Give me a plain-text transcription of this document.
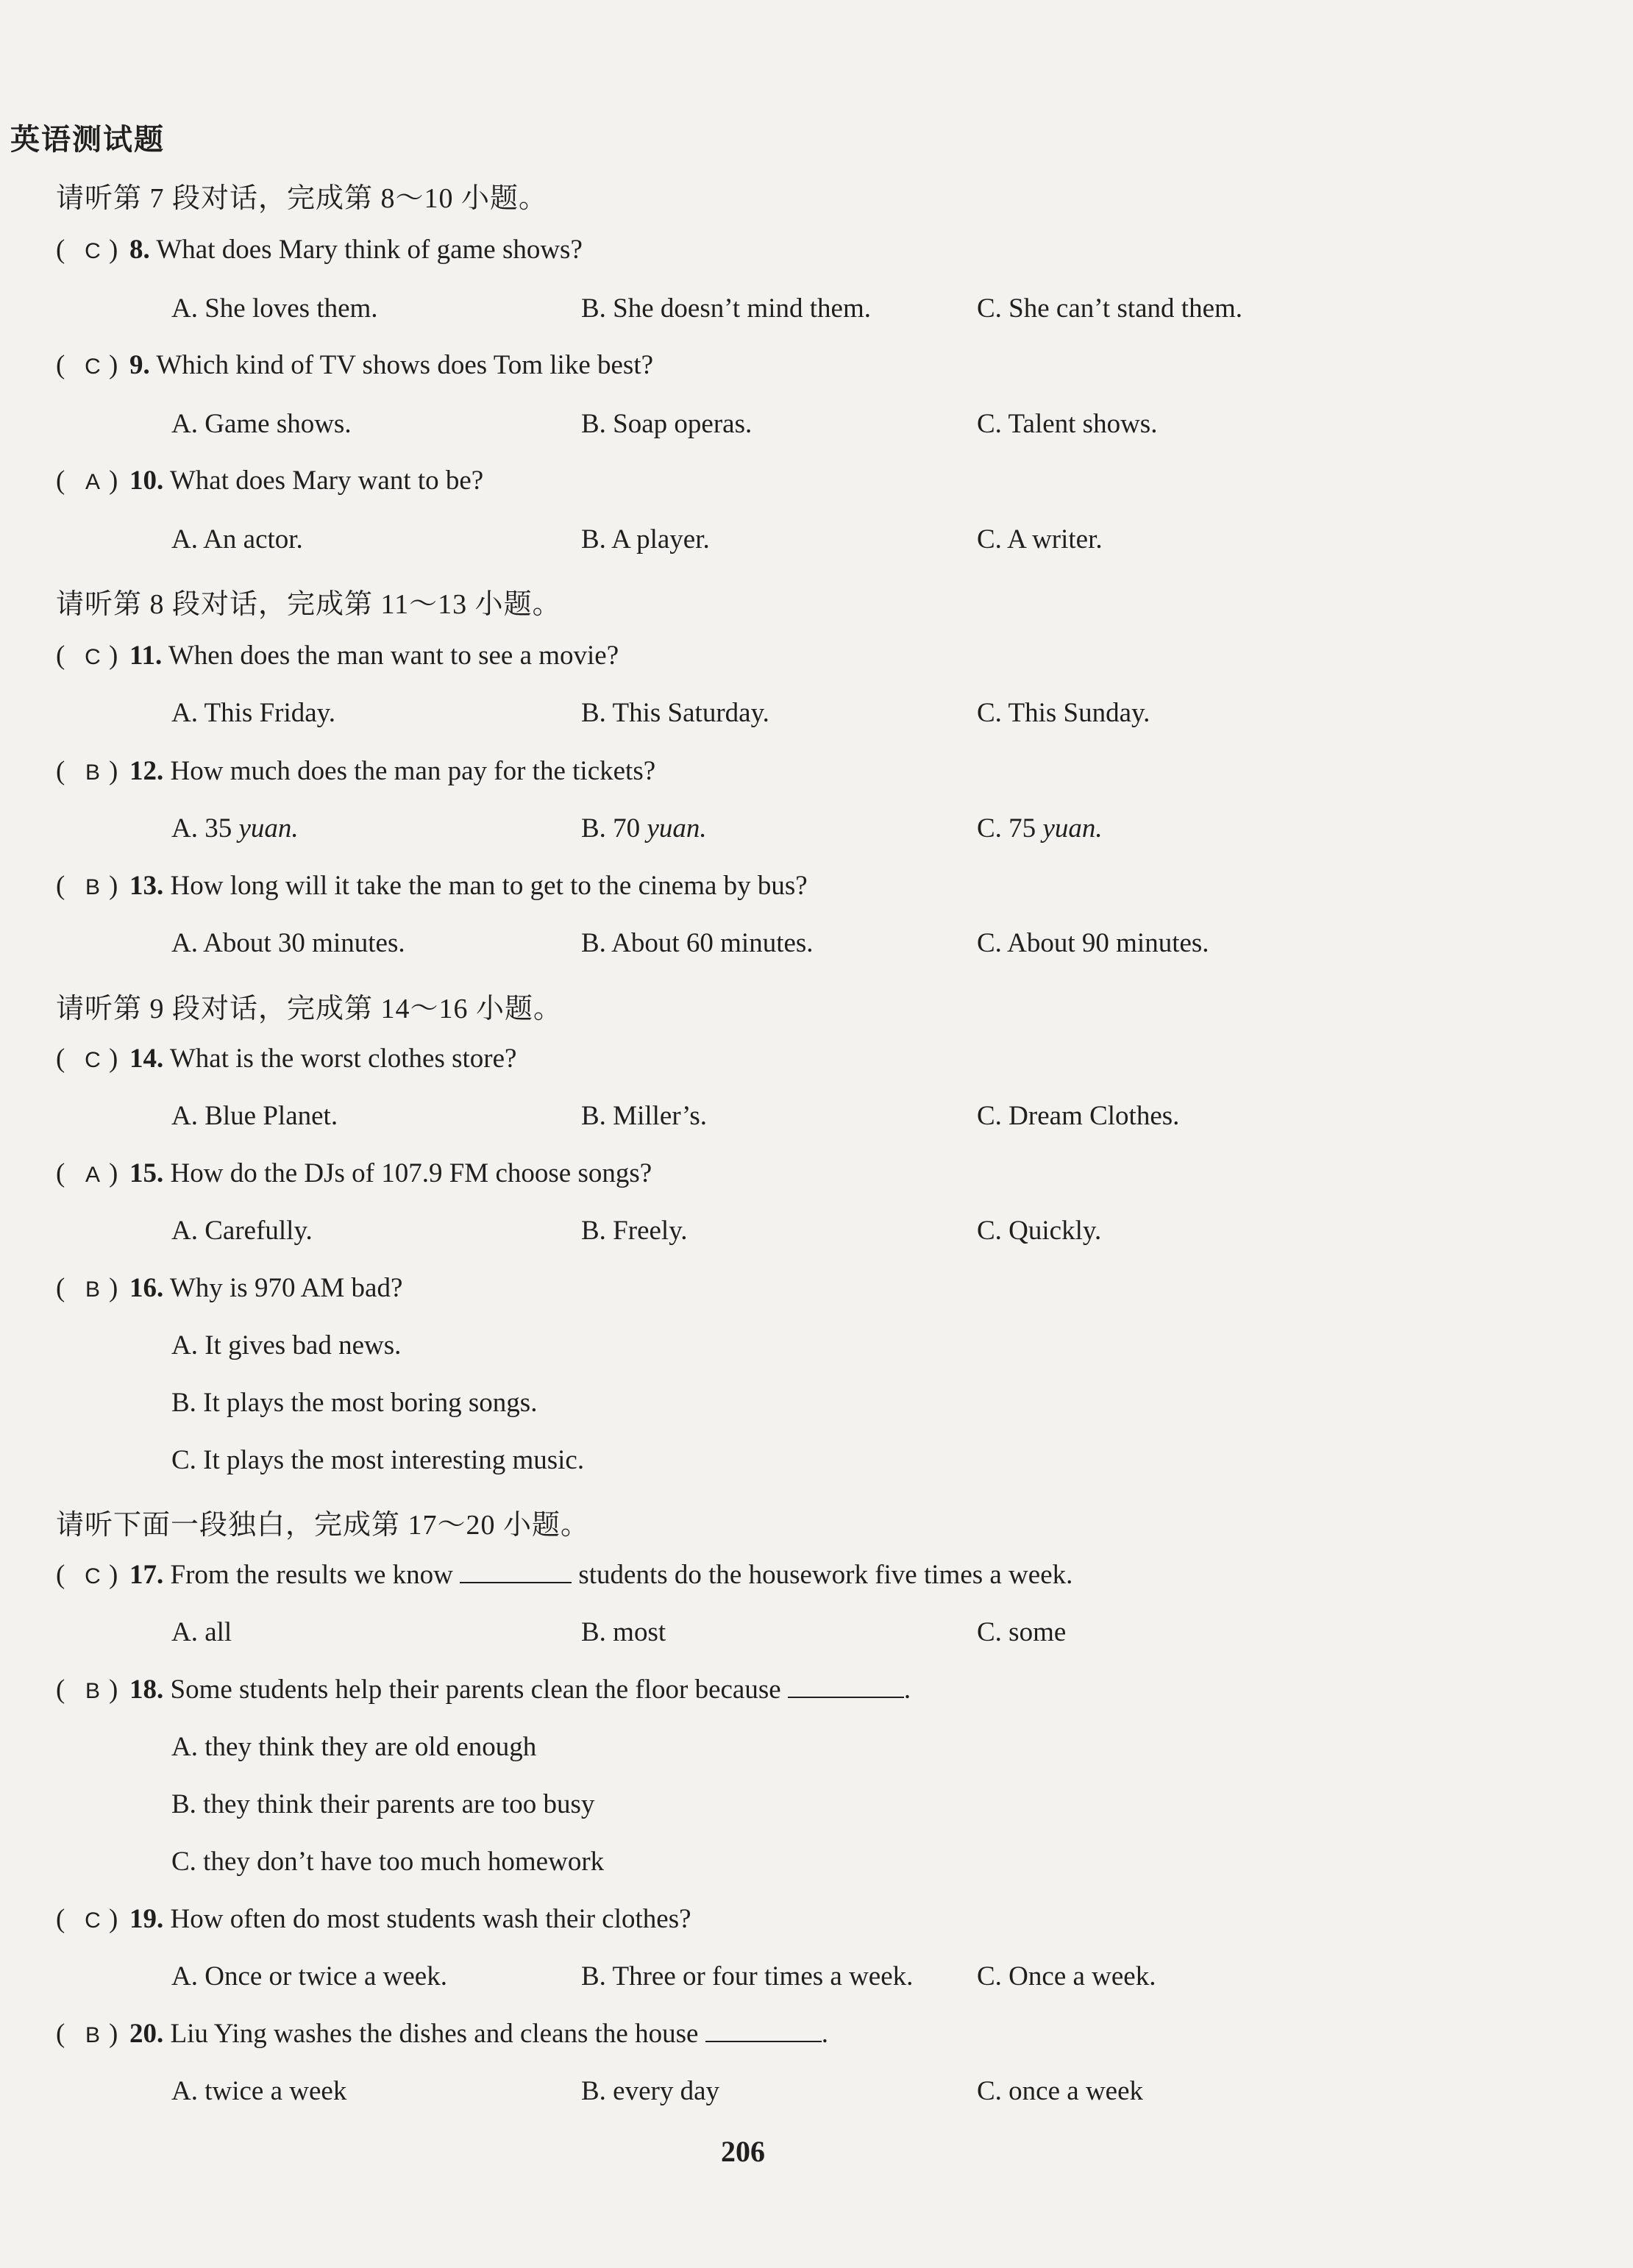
英语测试题
请听第 7 段对话，完成第 8～10 小题。
( C ) 8. What does Mary think of game shows?
A. She loves them.	B. She doesn’t mind them.	C. She can’t stand them.
( C ) 9. Which kind of TV shows does Tom like best?
A. Game shows.	B. Soap operas.	C. Talent shows.
( A ) 10. What does Mary want to be?
A. An actor.	B. A player.	C. A writer.
请听第 8 段对话，完成第 11～13 小题。
( C ) 11. When does the man want to see a movie?
A. This Friday.	B. This Saturday.	C. This Sunday.
( B ) 12. How much does the man pay for the tickets?
A. 35 yuan.	B. 70 yuan.	C. 75 yuan.
( B ) 13. How long will it take the man to get to the cinema by bus?
A. About 30 minutes.	B. About 60 minutes.	C. About 90 minutes.
请听第 9 段对话，完成第 14～16 小题。
( C ) 14. What is the worst clothes store?
A. Blue Planet.	B. Miller’s.	C. Dream Clothes.
( A ) 15. How do the DJs of 107.9 FM choose songs?
A. Carefully.	B. Freely.	C. Quickly.
( B ) 16. Why is 970 AM bad?
A. It gives bad news.
B. It plays the most boring songs.
C. It plays the most interesting music.
请听下面一段独白，完成第 17～20 小题。
( C ) 17. From the results we know	students do the housework five times a week.
A. all	B. most	C. some
( B ) 18. Some students help their parents clean the floor because	.
A. they think they are old enough
B. they think their parents are too busy
C. they don’t have too much homework
( C ) 19. How often do most students wash their clothes?
A. Once or twice a week.	B. Three or four times a week. C. Once a week.
( B ) 20. Liu Ying washes the dishes and cleans the house	.
A. twice a week	B. every day	C. once a week
206
